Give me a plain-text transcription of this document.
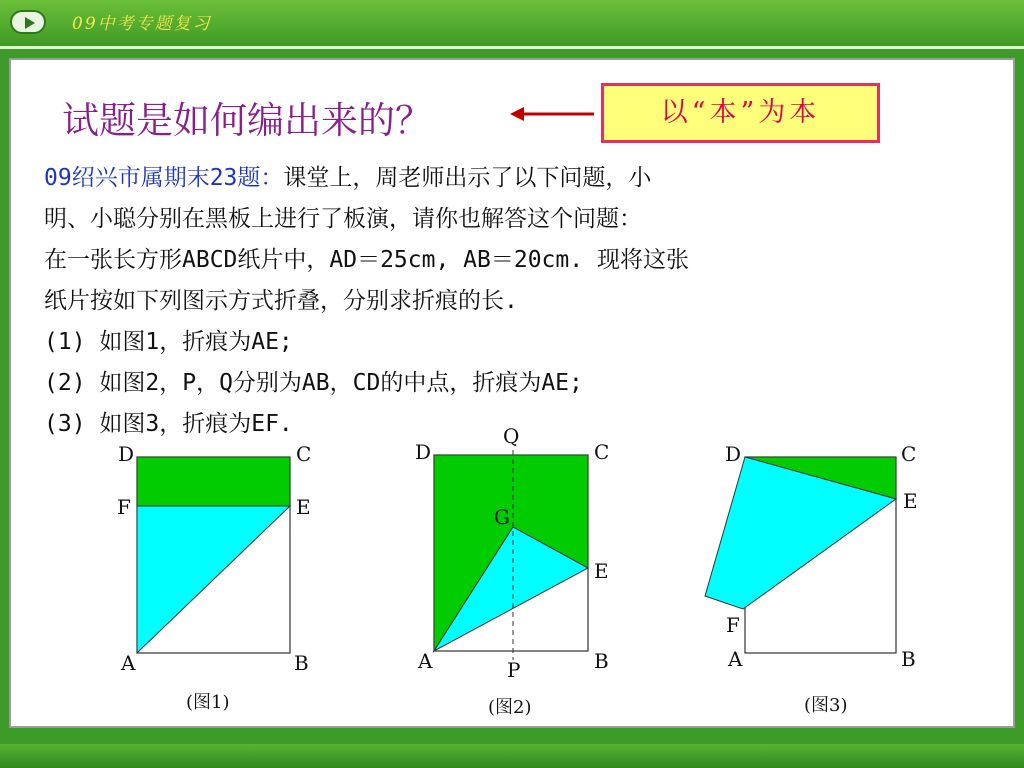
09中考专题复习
试题是如何编出来的？	以“本”为本

09绍兴市属期末23题：课堂上，周老师出示了以下问题，小

明、小聪分别在黑板上进行了板演，请你也解答这个问题：

在一张长方形ABCD纸片中，AD＝25cm, AB＝20cm. 现将这张

纸片按如下列图示方式折叠，分别求折痕的长.

(1) 如图1，折痕为AE;

(2) 如图2，P，Q分别为AB，CD的中点，折痕为AE;

(3) 如图3，折痕为EF.

D	C
F	E
A	B
(图1)
D
Q
C
G
E
A	P	B
(图2)
D	C
E
F
A	B
(图3)
